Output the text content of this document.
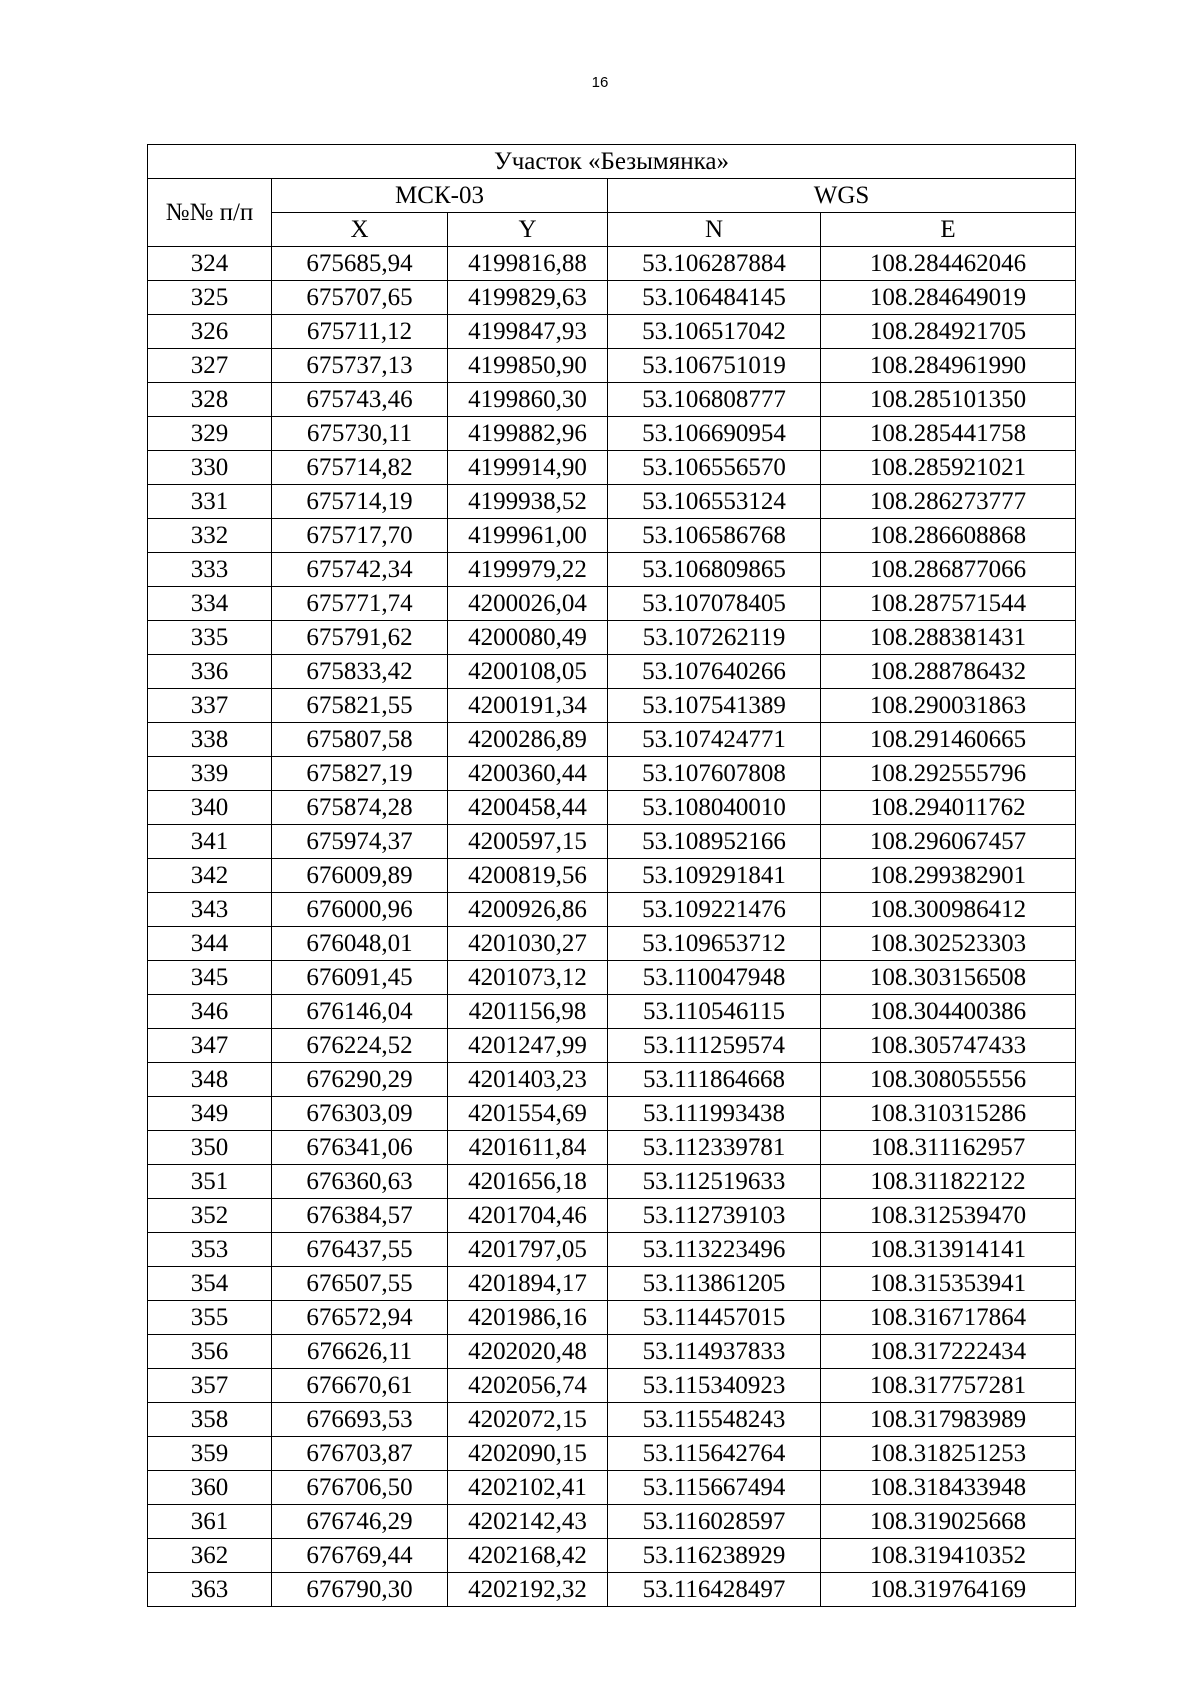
16
Участок «Безымянка»				
№№ п/п	МСК-03		WGS	
	X	Y	N	E
324	675685,94	4199816,88	53.106287884	108.284462046
325	675707,65	4199829,63	53.106484145	108.284649019
326	675711,12	4199847,93	53.106517042	108.284921705
327	675737,13	4199850,90	53.106751019	108.284961990
328	675743,46	4199860,30	53.106808777	108.285101350
329	675730,11	4199882,96	53.106690954	108.285441758
330	675714,82	4199914,90	53.106556570	108.285921021
331	675714,19	4199938,52	53.106553124	108.286273777
332	675717,70	4199961,00	53.106586768	108.286608868
333	675742,34	4199979,22	53.106809865	108.286877066
334	675771,74	4200026,04	53.107078405	108.287571544
335	675791,62	4200080,49	53.107262119	108.288381431
336	675833,42	4200108,05	53.107640266	108.288786432
337	675821,55	4200191,34	53.107541389	108.290031863
338	675807,58	4200286,89	53.107424771	108.291460665
339	675827,19	4200360,44	53.107607808	108.292555796
340	675874,28	4200458,44	53.108040010	108.294011762
341	675974,37	4200597,15	53.108952166	108.296067457
342	676009,89	4200819,56	53.109291841	108.299382901
343	676000,96	4200926,86	53.109221476	108.300986412
344	676048,01	4201030,27	53.109653712	108.302523303
345	676091,45	4201073,12	53.110047948	108.303156508
346	676146,04	4201156,98	53.110546115	108.304400386
347	676224,52	4201247,99	53.111259574	108.305747433
348	676290,29	4201403,23	53.111864668	108.308055556
349	676303,09	4201554,69	53.111993438	108.310315286
350	676341,06	4201611,84	53.112339781	108.311162957
351	676360,63	4201656,18	53.112519633	108.311822122
352	676384,57	4201704,46	53.112739103	108.312539470
353	676437,55	4201797,05	53.113223496	108.313914141
354	676507,55	4201894,17	53.113861205	108.315353941
355	676572,94	4201986,16	53.114457015	108.316717864
356	676626,11	4202020,48	53.114937833	108.317222434
357	676670,61	4202056,74	53.115340923	108.317757281
358	676693,53	4202072,15	53.115548243	108.317983989
359	676703,87	4202090,15	53.115642764	108.318251253
360	676706,50	4202102,41	53.115667494	108.318433948
361	676746,29	4202142,43	53.116028597	108.319025668
362	676769,44	4202168,42	53.116238929	108.319410352
363	676790,30	4202192,32	53.116428497	108.319764169
